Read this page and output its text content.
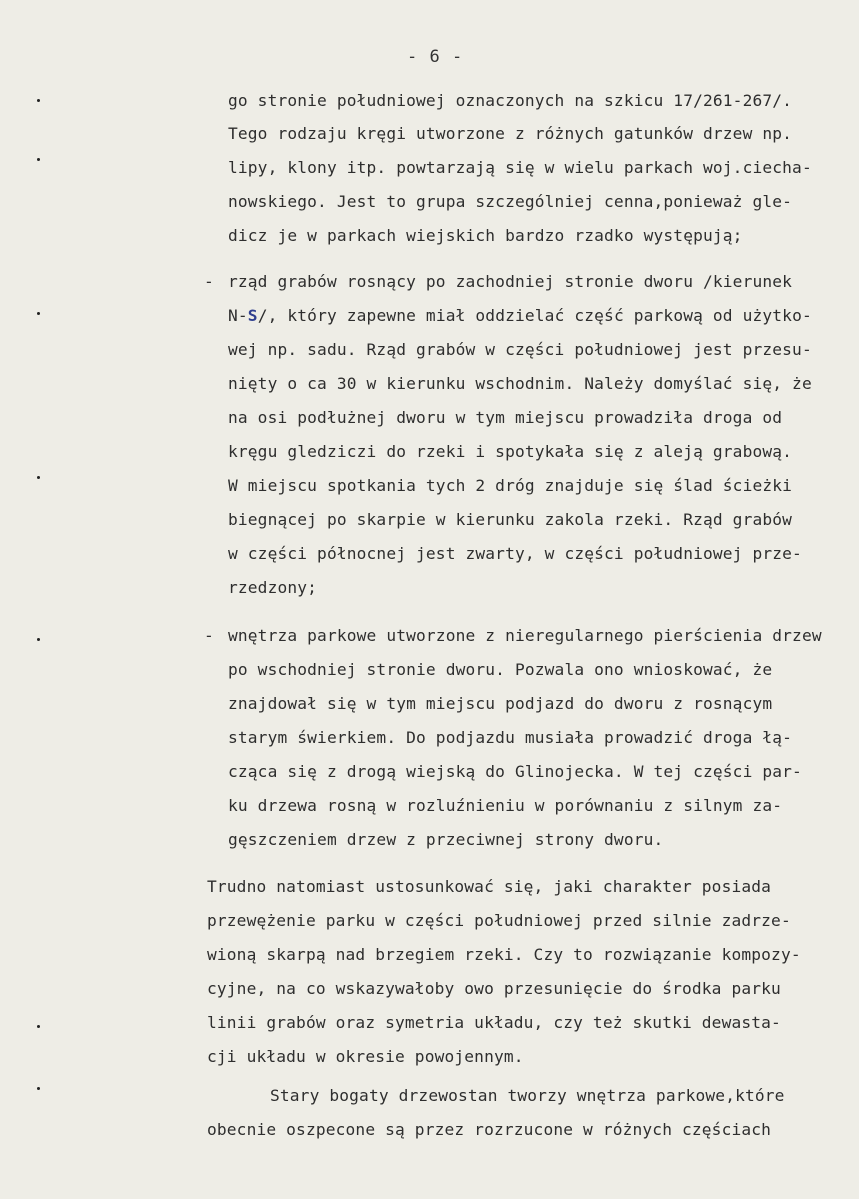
- 6 -
go stronie południowej oznaczonych na szkicu 17/261-267/.
Tego rodzaju kręgi utworzone z różnych gatunków drzew np.
lipy, klony itp. powtarzają się w wielu parkach woj.ciecha-
nowskiego. Jest to grupa szczególniej cenna,ponieważ gle-
dicz je w parkach wiejskich bardzo rzadko występują;
- rząd grabów rosnący po zachodniej stronie dworu /kierunek
N-S/, który zapewne miał oddzielać część parkową od użytko-
wej np. sadu. Rząd grabów w części południowej jest przesu-
nięty o ca 30 w kierunku wschodnim. Należy domyślać się, że
na osi podłużnej dworu w tym miejscu prowadziła droga od
kręgu gledziczi do rzeki i spotykała się z aleją grabową.
W miejscu spotkania tych 2 dróg znajduje się ślad ścieżki
biegnącej po skarpie w kierunku zakola rzeki. Rząd grabów
w części północnej jest zwarty, w części południowej prze-
rzedzony;
- wnętrza parkowe utworzone z nieregularnego pierścienia drzew
po wschodniej stronie dworu. Pozwala ono wnioskować, że
znajdował się w tym miejscu podjazd do dworu z rosnącym
starym świerkiem. Do podjazdu musiała prowadzić droga łą-
cząca się z drogą wiejską do Glinojecka. W tej części par-
ku drzewa rosną w rozluźnieniu w porównaniu z silnym za-
gęszczeniem drzew z przeciwnej strony dworu.
Trudno natomiast ustosunkować się, jaki charakter posiada
przewężenie parku w części południowej przed silnie zadrze-
wioną skarpą nad brzegiem rzeki. Czy to rozwiązanie kompozy-
cyjne, na co wskazywałoby owo przesunięcie do środka parku
linii grabów oraz symetria układu, czy też skutki dewasta-
cji układu w okresie powojennym.
Stary bogaty drzewostan tworzy wnętrza parkowe,które
obecnie oszpecone są przez rozrzucone w różnych częściach
